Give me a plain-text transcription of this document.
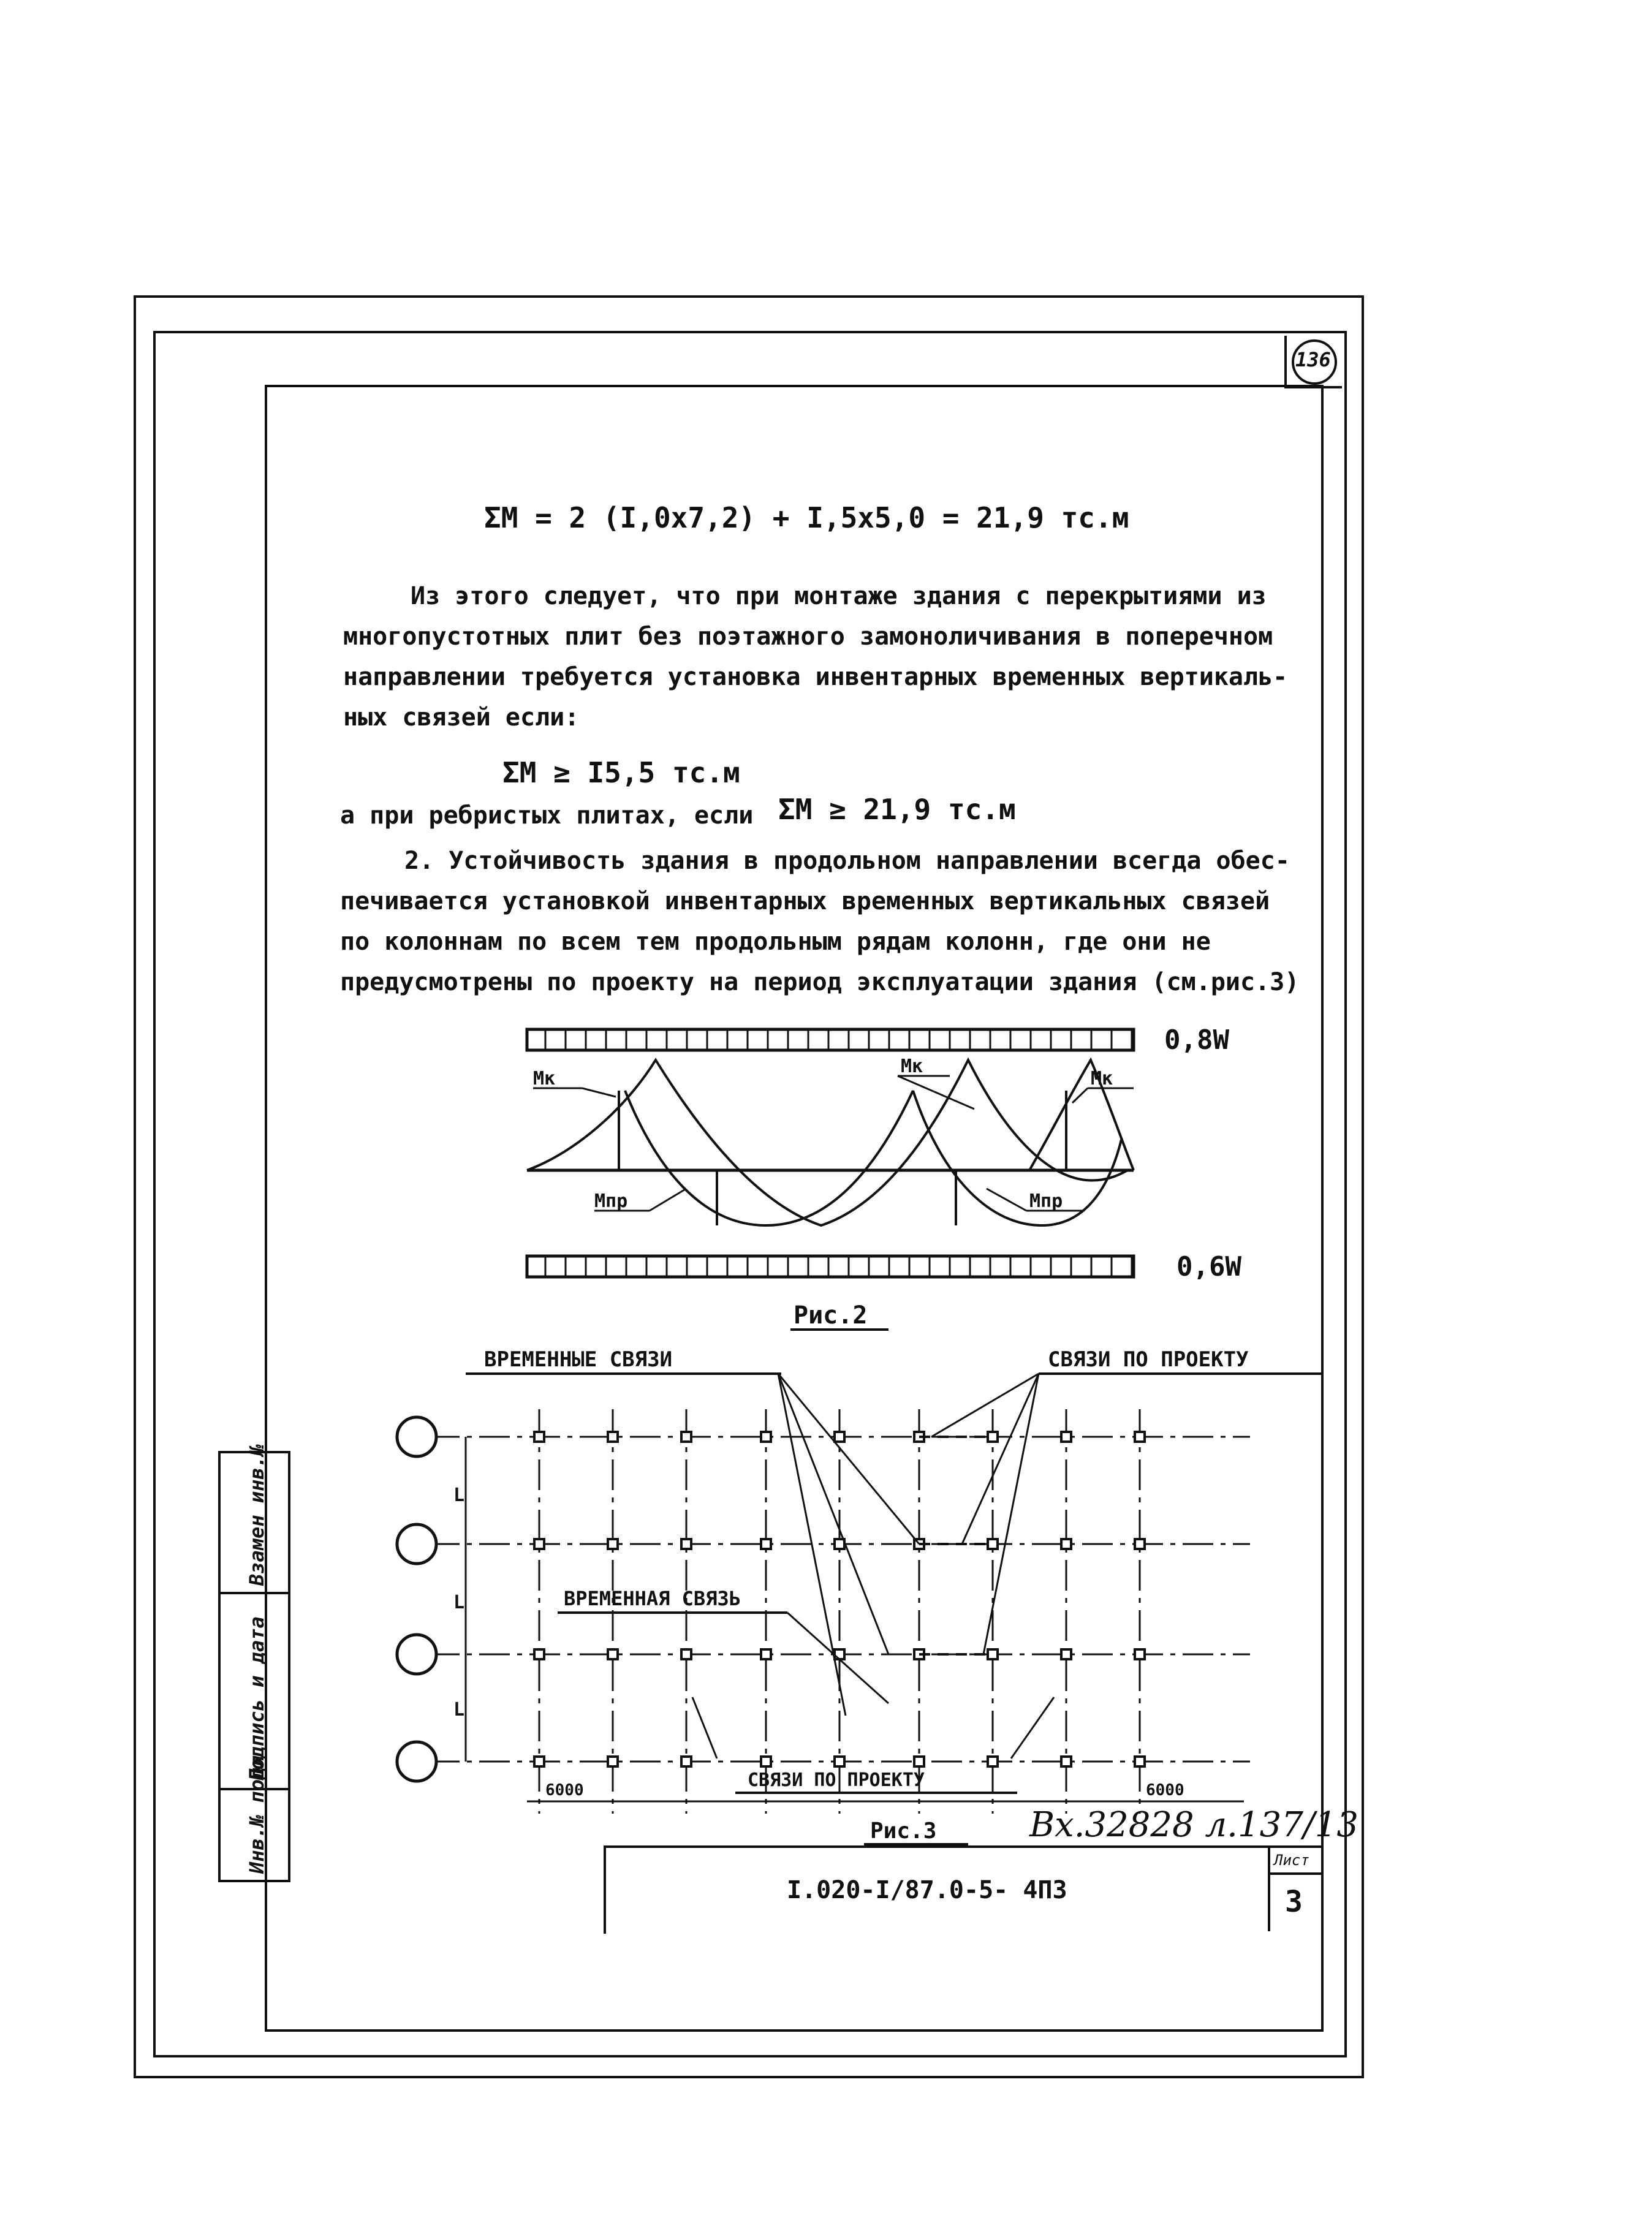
136
Взамен инв.№
Подпись и дата
Инв.№ подл
ΣM = 2 (I,0x7,2) + I,5x5,0 = 21,9 тс.м
Из этого следует, что при монтаже здания с перекрытиями из
многопустотных плит без поэтажного замоноличивания в поперечном
направлении требуется установка инвентарных временных вертикаль-
ных связей если:
ΣM ≥ I5,5 тс.м
а при ребристых плитах, если ΣM ≥ 21,9 тс.м
2. Устойчивость здания в продольном направлении всегда обес-
печивается установкой инвентарных временных вертикальных связей
по колоннам по всем тем продольным рядам колонн, где они не
предусмотрены по проекту на период эксплуатации здания (см.рис.3)
0,8W
Mк
Mк
Mк
Mпр	Mпр
0,6W
Рис.2
ВРЕМЕННЫЕ СВЯЗИ	СВЯЗИ ПО ПРОЕКТУ
ВРЕМЕННАЯ СВЯЗЬ
СВЯЗИ ПО ПРОЕКТУ
L
L
L
6000	6000
Рис.3	Вх.32828 л.137/13
I.020-I/87.0-5- 4ПЗ
Лист
3
